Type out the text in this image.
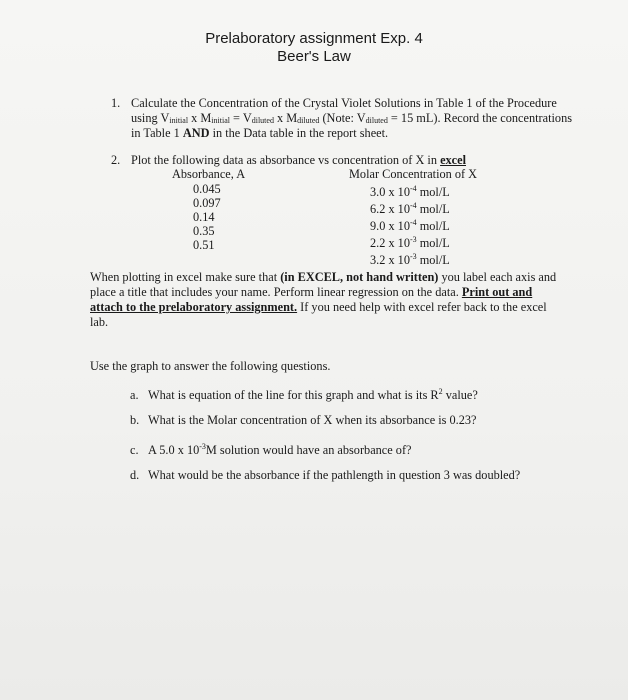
Prelaboratory assignment Exp. 4
Beer's Law
1. Calculate the Concentration of the Crystal Violet Solutions in Table 1 of the Procedure
using Vinitial x Minitial = Vdiluted x Mdiluted (Note: Vdiluted = 15 mL). Record the concentrations
in Table 1 AND in the Data table in the report sheet.
2. Plot the following data as absorbance vs concentration of X in excel
Absorbance, A	Molar Concentration of X
0.045
0.097
0.14
0.35
0.51
3.0 x $10^{-4}$ mol/L
6.2 x $10^{-4}$ mol/L
9.0 x $10^{-4}$ mol/L
2.2 x $10^{-3}$ mol/L
3.2 x $10^{-3}$ mol/L
When plotting in excel make sure that (in EXCEL, not hand written) you label each axis and
place a title that includes your name. Perform linear regression on the data. Print out and
attach to the prelaboratory assignment. If you need help with excel refer back to the excel
lab.
Use the graph to answer the following questions.
a. What is equation of the line for this graph and what is its $R^2$ value?
b. What is the Molar concentration of X when its absorbance is 0.23?
c. A 5.0 x $10^{-3}M$ solution would have an absorbance of?
d. What would be the absorbance if the pathlength in question 3 was doubled?
